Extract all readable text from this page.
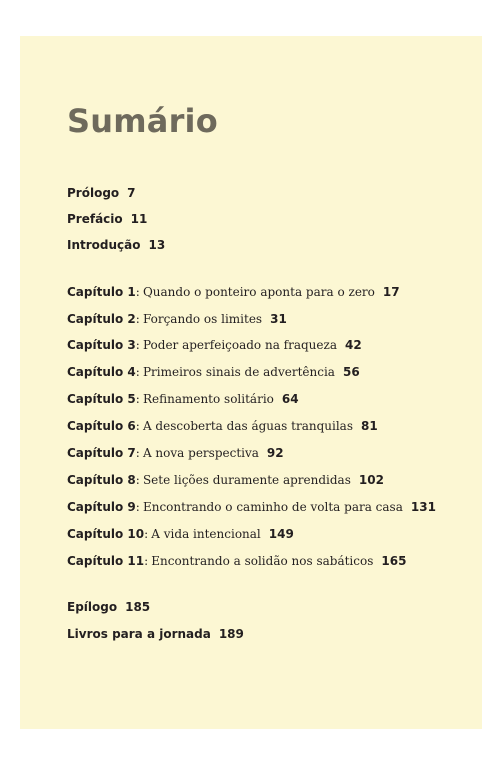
Sumário
Prólogo 7
Prefácio 11
Introdução 13
Capítulo 1: Quando o ponteiro aponta para o zero 17
Capítulo 2: Forçando os limites 31
Capítulo 3: Poder aperfeiçoado na fraqueza 42
Capítulo 4: Primeiros sinais de advertência 56
Capítulo 5: Refinamento solitário 64
Capítulo 6: A descoberta das águas tranquilas 81
Capítulo 7: A nova perspectiva 92
Capítulo 8: Sete lições duramente aprendidas 102
Capítulo 9: Encontrando o caminho de volta para casa 131
Capítulo 10: A vida intencional 149
Capítulo 11: Encontrando a solidão nos sabáticos 165
Epílogo 185
Livros para a jornada 189
